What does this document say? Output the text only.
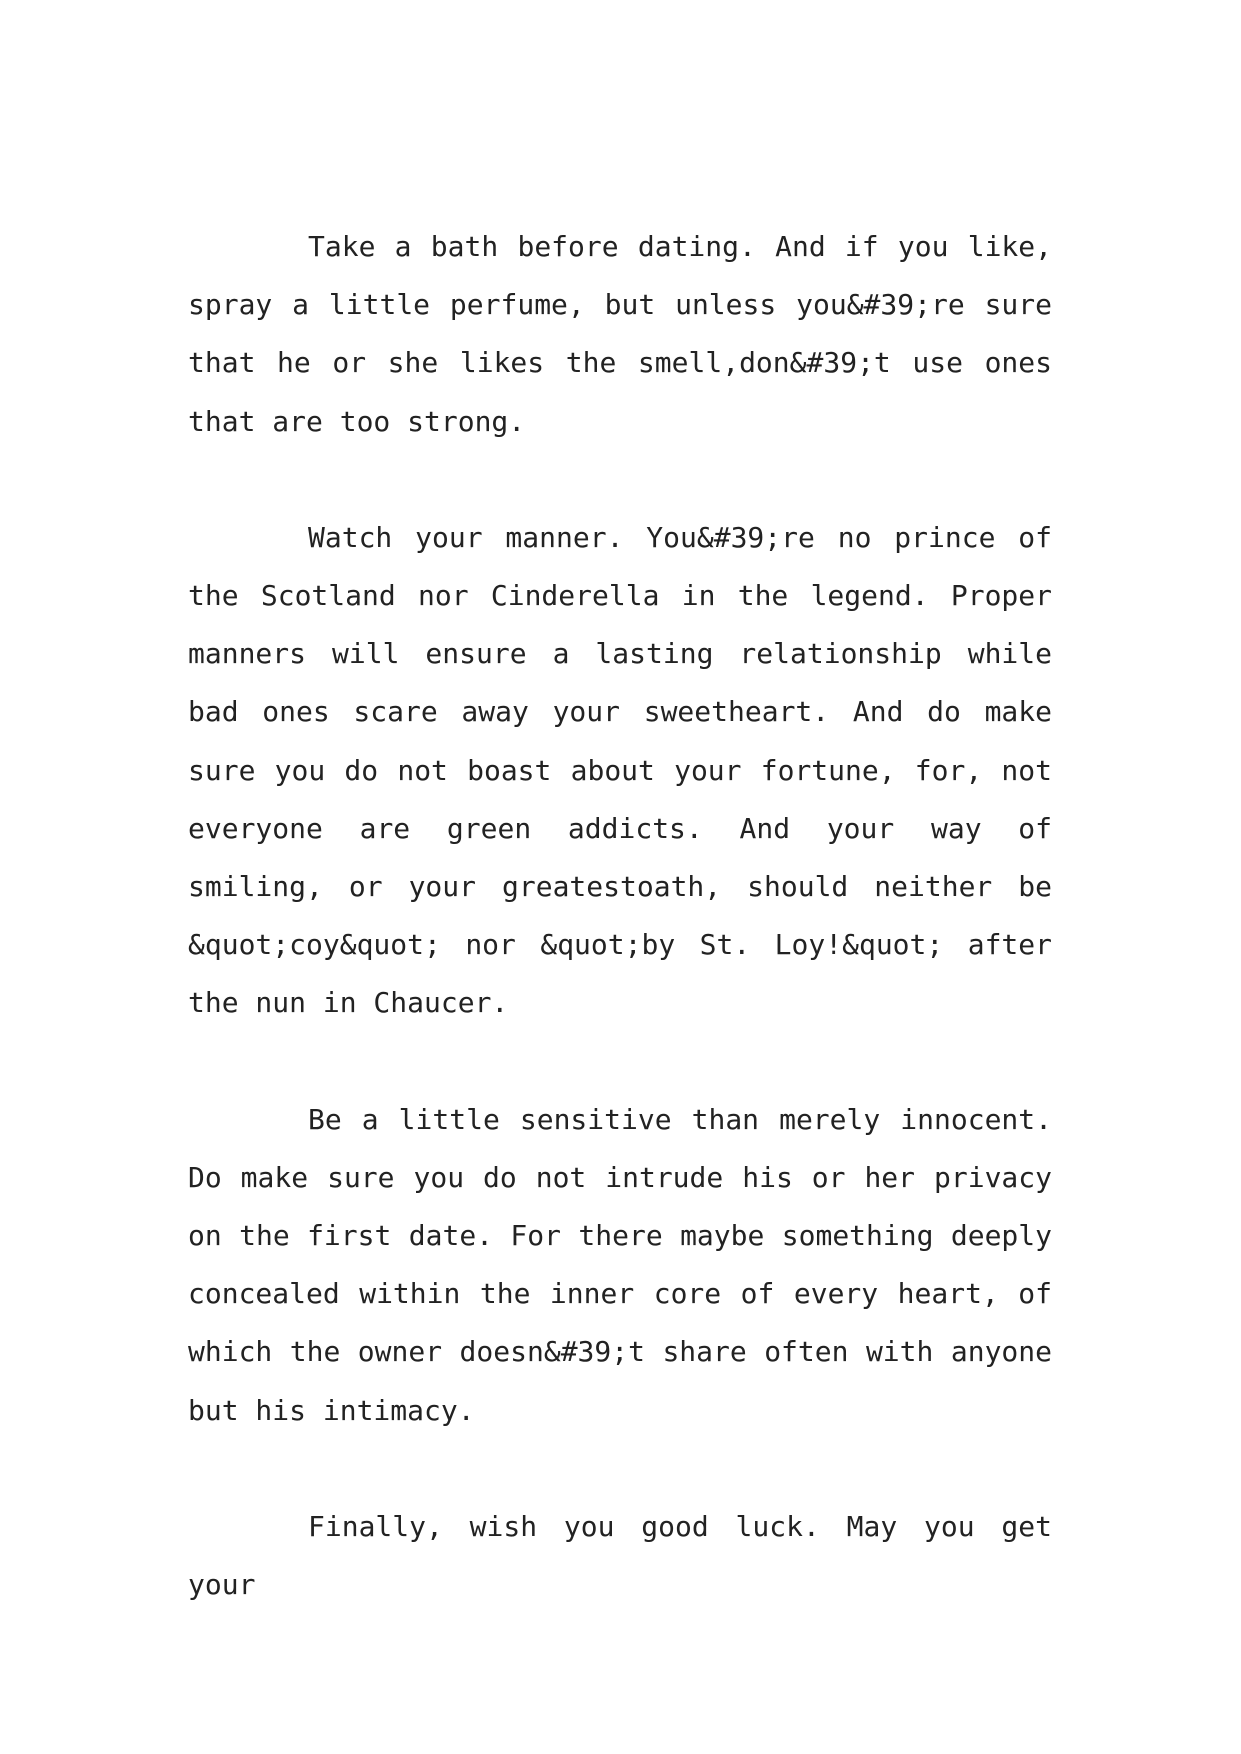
Take a bath before dating. And if you like, spray a little perfume, but unless you&#39;re sure that he or she likes the smell,don&#39;t use ones that are too strong.

Watch your manner. You&#39;re no prince of the Scotland nor Cinderella in the legend. Proper manners will ensure a lasting relationship while bad ones scare away your sweetheart. And do make sure you do not boast about your fortune, for, not everyone are green addicts. And your way of smiling, or your greatestoath, should neither be &quot;coy&quot; nor &quot;by St. Loy!&quot; after the nun in Chaucer.

Be a little sensitive than merely innocent. Do make sure you do not intrude his or her privacy on the first date. For there maybe something deeply concealed within the inner core of every heart, of which the owner doesn&#39;t share often with anyone but his intimacy.

Finally, wish you good luck. May you get your
